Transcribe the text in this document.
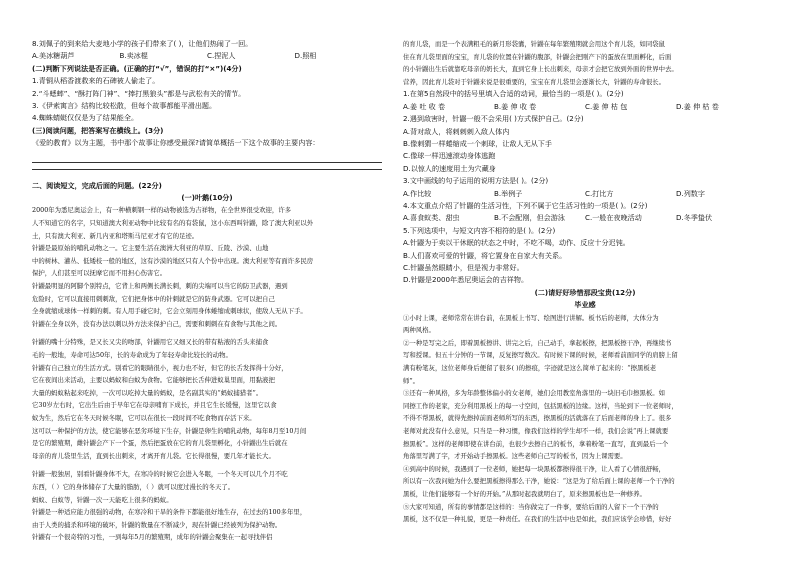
8.刘佩子的到来给大麦地小学的孩子们带来了( )，让他们热闹了一回。
A.美冰糖葫芦	B.卖冰棍	C.捏泥人	D.照相
(二)判断下列说法是否正确。(正确的打“√”，错误的打“×”)(4分)
1.青铜从稻香渡救来的石碑被人偷走了。
2.“斗蟋蟀”、“酥打阵门神”、“捧打黑狼头”都是与武松有关的情节。
3.《伊索寓言》结构比较松散，但每个故事都能平滑出题。
4.蜘蛛蜻蜓仅仅是为了结果能全。
(三)阅读问题，把答案写在横线上。(3分)
《爱的教育》以为主题，书中那个故事让你感受最深?请简单概括一下这个故事的主要内容：
二、阅读短文，完成后面的问题。(22分)
(一)叶鹅(10分)
2000年为悉尼奥运会上，有一种横刺钢一样的动物被选为吉祥物，在全世界很受欢迎，许多
人不知道它的名字，只知道澳大利亚动物中比较有名的有袋鼠，这小东西叫针鼹，除了澳大利亚以外
土，只有澳大利亚、新几内亚和塔斯马尼亚才有它的足迹。
针鼹是最原始的哺乳动物之一。它主要生活在澳洲大利亚的草原、丘陵、沙漠、山地
中的树林、灌丛、低矮枝一般的地区，这有沙漠的地区只有人个份中出现。澳大利亚等有面许多民房
保护，人们甚至可以抚摩它而不用担心伤害它。
针鼹最明显的阿脚个别特点，它背上和两侧长满长刺，刺的尖端可以当它的防卫武器，遇到
危险时，它可以直接用刺刺敌，它们把身体中的针刺就是它的防身武器。它可以把自己
全身就缩成球体一样刺的刺。有人用手碰它时，它会立刻用身体蜷缩成刺球状，使敌人无从下手。
针鼹在全身以外，没有办法以刺以外方法来保护自己，需要和刺刺在有食物与其他之间。
针鼹的嘴十分特殊，是又长又尖的吻部，针鼹用它又细又长的带有粘液的舌头来捕食
毛的一般地，寿命可达50年，长的寿命成为了年轻寿命比较长的动物。
针鼹有自己独立的生活方式。别看它的眼睛很小，视力也不好，但它的长舌发挥得十分好，
它在夜间出来活动，主要以蚂蚁和白蚁为食物。它能够把长舌伸进蚁巢里面，用黏液把
大量的蚂蚁粘起来吃掉，一次可以吃掉大量的蚂蚁，是名副其实的“蚂蚁捕猎者”。
它30岁左右时，它出生后由于早年它在母亲哺育下成长，并且它生长缓慢，这里它以食
蚁为生，然后它在冬天时候冬眠，它可以在很长一段时间不吃食物而存活下来。
这可以一种保护的方法，使它能够在恶劣环境下生存，针鼹是卵生的哺乳动物，每年8月至10月间
是它的繁殖期，雌针鼹会产下一个蛋，然后把蛋放在它的育儿袋里孵化，小针鼹出生后就在
母亲的育儿袋里生活，直到长出刺来，才离开育儿袋。它长得很慢，要几年才能长大。
针鼹一般独居，别看针鼹身体不大，在寒冷的时候它会进入冬眠，一个冬天可以几个月不吃
东西，（ ）它的身体储存了大量的脂肪，（ ）就可以度过漫长的冬天了。
蚂蚁、白蚁等，针鼹一次一天能吃上很多的蚂蚁。
针鼹是一种适应能力很强的动物，在寒冷和干旱的条件下都能很好地生存，在过去的100多年里，
由于人类的捕杀和环境的破坏，针鼹的数量在不断减少，现在针鼹已经被列为保护动物。
针鼹有一个很奇特的习性，一到每年5月的繁殖期，成年的针鼹会聚集在一起寻找伴侣
的育儿袋，而是一个表满粗毛的新月形袋囊，针鼹在每年繁殖期就会用这个育儿袋，如同袋鼠
住在育儿袋里面的宝宝，育儿袋的位置在针鼹的腹部，针鼹会把刚产下的蛋放在里面孵化，后面
的小针鼹出生后就靠吃母亲的奶长大，直到它身上长出刺来，母亲才会把它放到外面的世界中去。
营养，因此育儿袋对于针鼹来说是很重要的，宝宝在育儿袋里会逐渐长大，针鼹的寿命很长。
1.在第5自然段中的括号里填入合适的动词，最恰当的一项是( )。(2分)
A.姜 吐 收 卷	B.姜 伸 收 卷	C.姜 伸 枯 包	D.姜 伸 枯 卷
2.遇到敌害时，针鼹一般不会采用( )方式保护自己。(2分)
A.背对敌人，将刺刺刺入敌人体内
B.像刺猬一样蜷缩成一个刺球，让敌人无从下手
C.像球一样迅速滚动身体逃跑
D.以惊人的速度用土为穴藏身
3.文中画线的句子运用的说明方法是( )。(2分)
A.作比较	B.举例子	C.打比方	D.列数字
4.本文重点介绍了针鼹的生活习性，下列不属于它生活习性的一项是( )。(2分)
A.喜食蚁类、甜虫	B.不会配刚，但会游泳	C.一般在夜晚活动	D.冬季蛰伏
5.下列选项中，与短文内容不相符的是( )。(2分)
A.针鼹为于卖以干休眠的状态之中时，不吃不喝，动作、反应十分迟钝。
B.人们喜欢可爱的针鼹，将它置身在自家大有关系。
C.针鼹虽然眼睛小，但是视力非常好。
D.针鼹是2000年悉尼奥运会的吉祥物。
(二)请好好珍惜那段宝贵(12分)
毕业感
①小时上课，老师常常在讲台前，在黑板上书写、绘图进行讲解。板书后的老师，大体分为
两种风格。
②一种是写完之后，即着黑板擦讲、讲完之后，自己动手，拿起板擦，把黑板擦干净，再继续书
写和授课。但五十分钟的一节课，反复擦写数次。有时候下课的时候，老师看前面同学的肩膀上留
满有粉笔灰，这位老师身后便留了很多( )的擦痕，字迹就是这么简单了起来的：“擦黑板老
师”。
③还有一种风格，多为年龄整体偏小的女老师，她们会用教室角落里的一块旧毛巾擦黑板。如
同擦工作的老家，充分利用黑板上的每一寸空间，包括黑板的边缘。这样，当轮到下一位老师时，
不得不帮黑板，就得先擦掉前面老师所写的东西，擦黑板的活就落在了后面老师的身上了。很多
老师对此没有什么意见，只当是一种习惯，像我们这样的学生却不一样，我们会说“再上课就要
擦黑板”。这样的老师即使在讲台前，也很少去擦自己的板书，拿着粉笔一直写，直到最后一个
角落里写满了字，才开始动手擦黑板。这些老师自己写的板书，因为上课需要。
④到高中的时候，我遇到了一位老师，她把每一块黑板都擦得很干净，让人看了心情很舒畅，
所以有一次我问她为什么要把黑板擦得那么干净，她说：“这是为了给后面上课的老师一个干净的
黑板，让他们能够有一个好的开始。”从那时起我就明白了，原来擦黑板也是一种修养。
⑤大家可知道，所有的事情都是这样的：当你做完了一件事，要给后面的人留下一个干净的
黑板，这不仅是一种礼貌，更是一种责任。在我们的生活中也是如此，我们应该学会珍惜，好好
